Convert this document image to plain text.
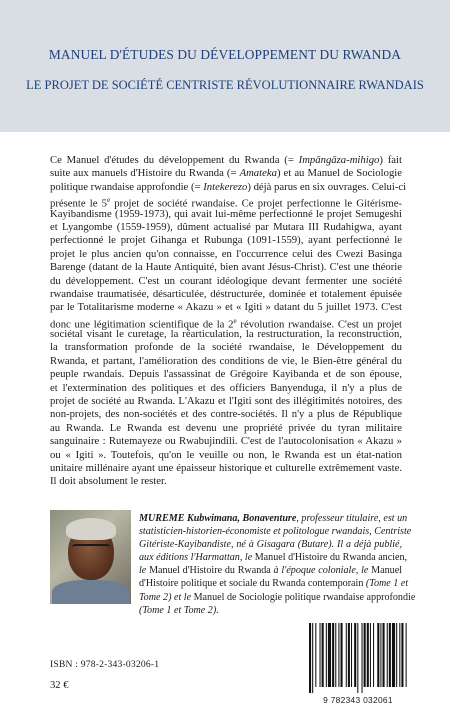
MANUEL D'ÉTUDES DU DÉVELOPPEMENT DU RWANDA
LE PROJET DE SOCIÉTÉ CENTRISTE RÉVOLUTIONNAIRE RWANDAIS
Ce Manuel d'études du développement du Rwanda (= Impāngāza-mihigo) fait
suite aux manuels d'Histoire du Rwanda (= Amateka) et au Manuel de Sociologie
politique rwandaise approfondie (= Intekerezo) déjà parus en six ouvrages. Celui-ci
présente le 5e projet de société rwandaise. Ce projet perfectionne le Gitérisme-
Kayibandisme (1959-1973), qui avait lui-même perfectionné le projet Semugeshi
et Lyangombe (1559-1959), dûment actualisé par Mutara III Rudahigwa, ayant
perfectionné le projet Gihanga et Rubunga (1091-1559), ayant perfectionné le
projet le plus ancien qu'on connaisse, en l'occurrence celui des Cwezi Basinga
Barenge (datant de la Haute Antiquité, bien avant Jésus-Christ). C'est une théorie
du développement. C'est un courant idéologique devant fermenter une société
rwandaise traumatisée, désarticulée, déstructurée, dominée et totalement épuisée
par le Totalitarisme moderne « Akazu » et « Igiti » datant du 5 juillet 1973. C'est
donc une légitimation scientifique de la 2e révolution rwandaise. C'est un projet
sociétal visant le curetage, la réarticulation, la restructuration, la reconstruction,
la transformation profonde de la société rwandaise, le Développement du
Rwanda, et partant, l'amélioration des conditions de vie, le Bien-être général du
peuple rwandais. Depuis l'assassinat de Grégoire Kayibanda et de son épouse,
et l'extermination des politiques et des officiers Banyenduga, il n'y a plus de
projet de société au Rwanda. L'Akazu et l'Igiti sont des illégitimités notoires, des
non-projets, des non-sociétés et des contre-sociétés. Il n'y a plus de République
au Rwanda. Le Rwanda est devenu une propriété privée du tyran militaire
sanguinaire : Rutemayeze ou Rwabujindili. C'est de l'autocolonisation « Akazu »
ou « Igiti ». Toutefois, qu'on le veuille ou non, le Rwanda est un état-nation
unitaire millénaire ayant une épaisseur historique et culturelle extrêmement vaste.
Il doit absolument le rester.
MUREME Kubwimana, Bonaventure, professeur titulaire, est un
statisticien-historien-économiste et politologue rwandais, Centriste
Gitériste-Kayibandiste, né à Gisagara (Butare). Il a déjà publié,
aux éditions l'Harmattan, le Manuel d'Histoire du Rwanda ancien,
le Manuel d'Histoire du Rwanda à l'époque coloniale, le Manuel
d'Histoire politique et sociale du Rwanda contemporain (Tome 1 et
Tome 2) et le Manuel de Sociologie politique rwandaise approfondie
(Tome 1 et Tome 2).
ISBN : 978-2-343-03206-1
32 €
9 782343 032061
